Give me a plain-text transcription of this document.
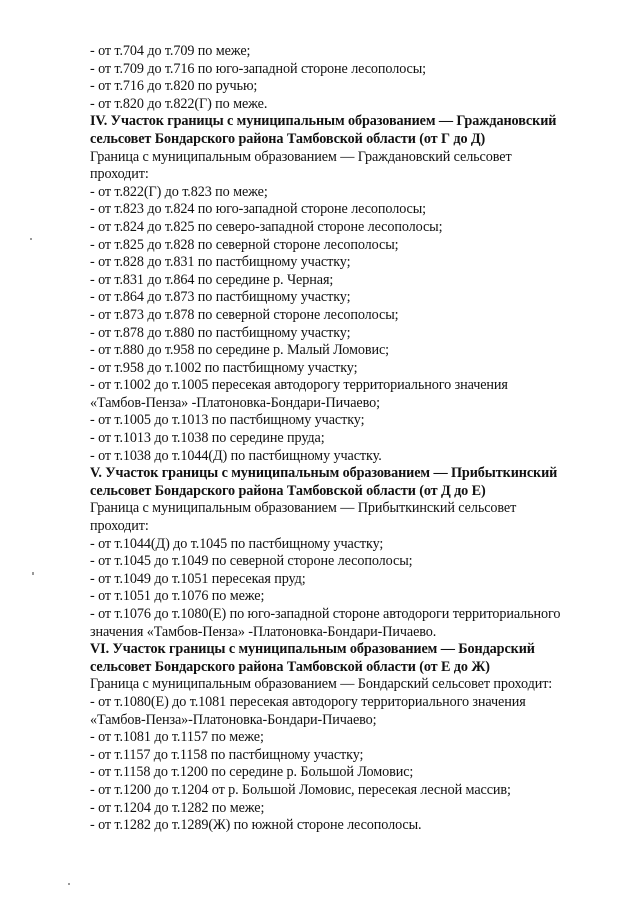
- от т.704 до т.709 по меже;
- от т.709 до т.716 по юго-западной стороне лесополосы;
- от т.716 до т.820 по ручью;
- от т.820 до т.822(Г) по меже.
IV. Участок границы с муниципальным образованием — Граждановский
сельсовет Бондарского района Тамбовской области (от Г до Д)
Граница с муниципальным образованием — Граждановский сельсовет
проходит:
- от т.822(Г) до т.823 по меже;
- от т.823 до т.824 по юго-западной стороне лесополосы;
- от т.824 до т.825 по северо-западной стороне лесополосы;
- от т.825 до т.828 по северной стороне лесополосы;
- от т.828 до т.831 по пастбищному участку;
- от т.831 до т.864 по середине р. Черная;
- от т.864 до т.873 по пастбищному участку;
- от т.873 до т.878 по северной стороне лесополосы;
- от т.878 до т.880 по пастбищному участку;
- от т.880 до т.958 по середине р. Малый Ломовис;
- от т.958 до т.1002 по пастбищному участку;
- от т.1002 до т.1005 пересекая автодорогу территориального значения
«Тамбов-Пенза» -Платоновка-Бондари-Пичаево;
- от т.1005 до т.1013 по пастбищному участку;
- от т.1013 до т.1038 по середине пруда;
- от т.1038 до т.1044(Д) по пастбищному участку.
V. Участок границы с муниципальным образованием — Прибыткинский
сельсовет Бондарского района Тамбовской области (от Д до Е)
Граница с муниципальным образованием — Прибыткинский сельсовет
проходит:
- от т.1044(Д) до т.1045 по пастбищному участку;
- от т.1045 до т.1049 по северной стороне лесополосы;
- от т.1049 до т.1051 пересекая пруд;
- от т.1051 до т.1076 по меже;
- от т.1076 до т.1080(Е) по юго-западной стороне автодороги территориального
значения «Тамбов-Пенза» -Платоновка-Бондари-Пичаево.
VI. Участок границы с муниципальным образованием — Бондарский
сельсовет Бондарского района Тамбовской области (от Е до Ж)
Граница с муниципальным образованием — Бондарский сельсовет проходит:
- от т.1080(Е) до т.1081 пересекая автодорогу территориального значения
«Тамбов-Пенза»-Платоновка-Бондари-Пичаево;
- от т.1081 до т.1157 по меже;
- от т.1157 до т.1158 по пастбищному участку;
- от т.1158 до т.1200 по середине р. Большой Ломовис;
- от т.1200 до т.1204 от р. Большой Ломовис, пересекая лесной массив;
- от т.1204 до т.1282 по меже;
- от т.1282 до т.1289(Ж) по южной стороне лесополосы.
